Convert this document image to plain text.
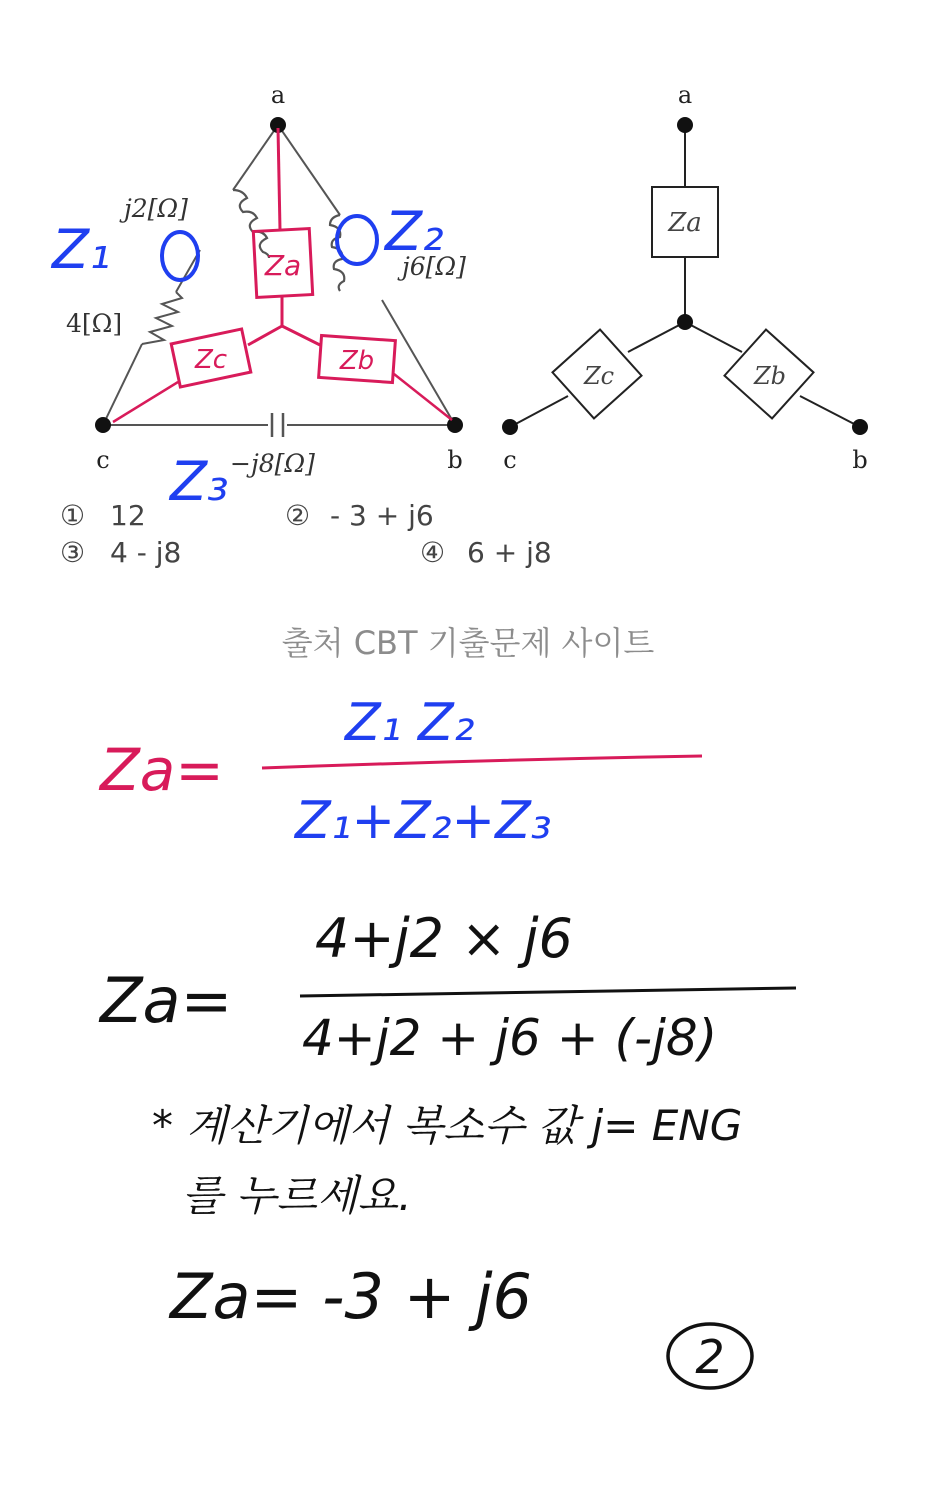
a
c	b
j2[Ω]
4[Ω]
j6[Ω]
−j8[Ω]
Za
Zc	Zb
Z₁	Z₂
Z₃
Za
Zc	Zb
a
c	b
① 12	② - 3 + j6
③ 4 - j8	④ 6 + j8
출처 CBT 기출문제 사이트
Za=
Z₁ Z₂
Z₁+Z₂+Z₃
Za=
4+j2 × j6
4+j2 + j6 + (-j8)
* 계산기에서 복소수 값 j= ENG
를 누르세요.
Za= -3 + j6
2
